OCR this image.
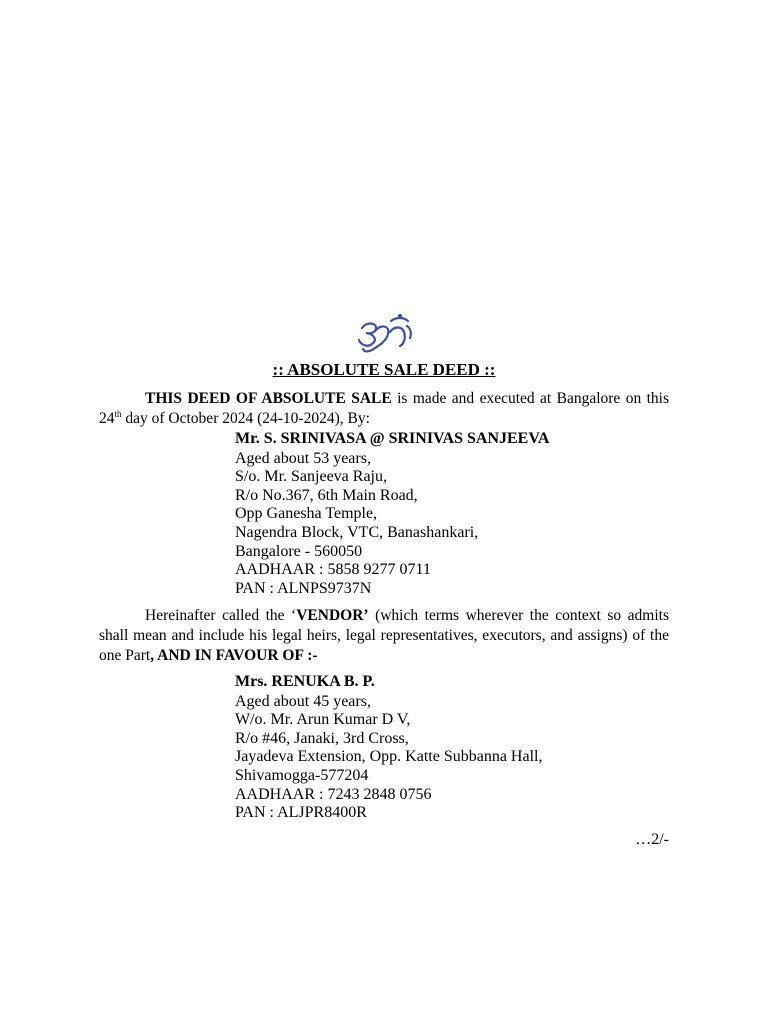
:: ABSOLUTE SALE DEED ::
THIS DEED OF ABSOLUTE SALE is made and executed at Bangalore on this 24th day of October 2024 (24-10-2024), By:
Mr. S. SRINIVASA @ SRINIVAS SANJEEVA
Aged about 53 years,
S/o. Mr. Sanjeeva Raju,
R/o No.367, 6th Main Road,
Opp Ganesha Temple,
Nagendra Block, VTC, Banashankari,
Bangalore - 560050
AADHAAR : 5858 9277 0711
PAN : ALNPS9737N
Hereinafter called the ‘VENDOR’ (which terms wherever the context so admits shall mean and include his legal heirs, legal representatives, executors, and assigns) of the one Part, AND IN FAVOUR OF :-
Mrs. RENUKA B. P.
Aged about 45 years,
W/o. Mr. Arun Kumar D V,
R/o #46, Janaki, 3rd Cross,
Jayadeva Extension, Opp. Katte Subbanna Hall,
Shivamogga-577204
AADHAAR : 7243 2848 0756
PAN : ALJPR8400R
…2/-
